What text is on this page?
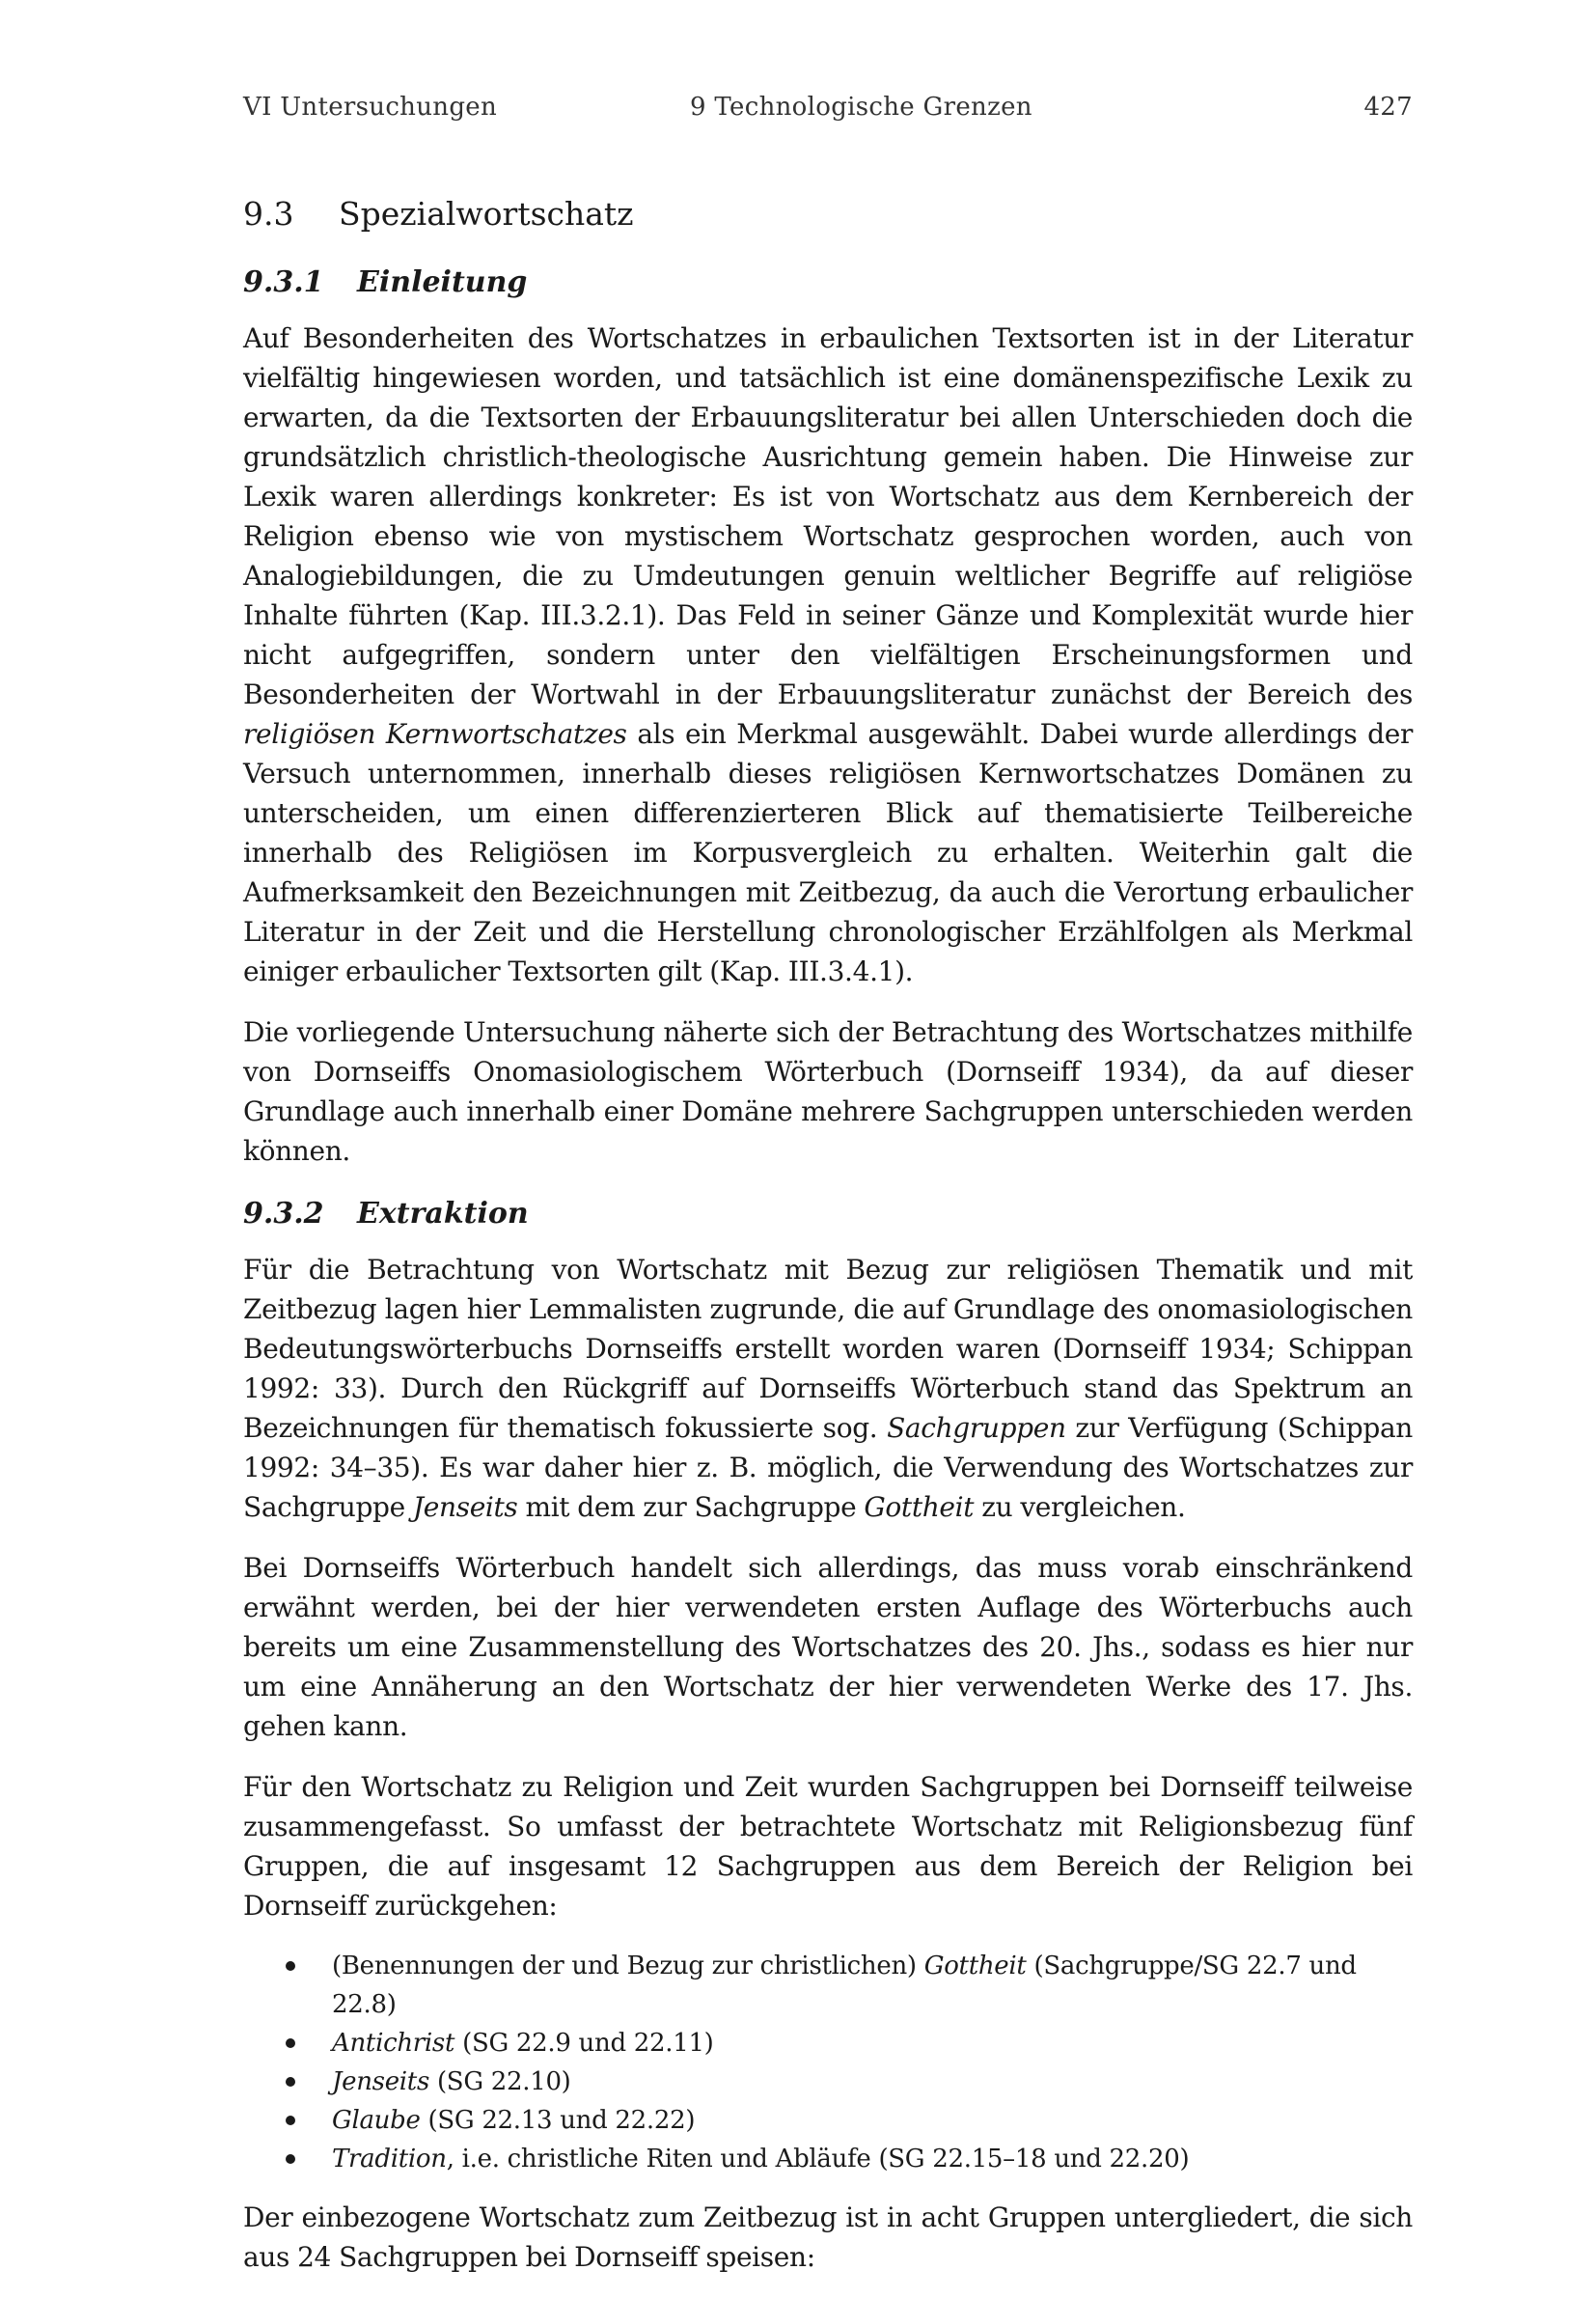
VI Untersuchungen	9 Technologische Grenzen	427
9.3	Spezialwortschatz
9.3.1	Einleitung

Auf Besonderheiten des Wortschatzes in erbaulichen Textsorten ist in der Literatur vielfältig hingewiesen worden, und tatsächlich ist eine domänenspezifische Lexik zu erwarten, da die Textsorten der Erbauungsliteratur bei allen Unterschieden doch die grundsätzlich christlich-theologische Ausrichtung gemein haben. Die Hinweise zur Lexik waren allerdings konkreter: Es ist von Wortschatz aus dem Kernbereich der Religion ebenso wie von mystischem Wortschatz gesprochen worden, auch von Analogiebildungen, die zu Umdeutungen genuin weltlicher Begriffe auf religiöse Inhalte führten (Kap. III.3.2.1). Das Feld in seiner Gänze und Komplexität wurde hier nicht aufgegriffen, sondern unter den vielfältigen Erscheinungsformen und Besonderheiten der Wortwahl in der Erbauungsliteratur zunächst der Bereich des religiösen Kernwortschatzes als ein Merkmal ausgewählt. Dabei wurde allerdings der Versuch unternommen, innerhalb dieses religiösen Kernwortschatzes Domänen zu unterscheiden, um einen differenzierteren Blick auf thematisierte Teilbereiche innerhalb des Religiösen im Korpusvergleich zu erhalten. Weiterhin galt die Aufmerksamkeit den Bezeichnungen mit Zeitbezug, da auch die Verortung erbaulicher Literatur in der Zeit und die Herstellung chronologischer Erzählfolgen als Merkmal einiger erbaulicher Textsorten gilt (Kap. III.3.4.1).

Die vorliegende Untersuchung näherte sich der Betrachtung des Wortschatzes mithilfe von Dornseiffs Onomasiologischem Wörterbuch (Dornseiff 1934), da auf dieser Grundlage auch innerhalb einer Domäne mehrere Sachgruppen unterschieden werden können.

9.3.2	Extraktion

Für die Betrachtung von Wortschatz mit Bezug zur religiösen Thematik und mit Zeitbezug lagen hier Lemmalisten zugrunde, die auf Grundlage des onomasiologischen Bedeutungswörterbuchs Dornseiffs erstellt worden waren (Dornseiff 1934; Schippan 1992: 33). Durch den Rückgriff auf Dornseiffs Wörterbuch stand das Spektrum an Bezeichnungen für thematisch fokussierte sog. Sachgruppen zur Verfügung (Schippan 1992: 34–35). Es war daher hier z. B. möglich, die Verwendung des Wortschatzes zur Sachgruppe Jenseits mit dem zur Sachgruppe Gottheit zu vergleichen.

Bei Dornseiffs Wörterbuch handelt sich allerdings, das muss vorab einschränkend erwähnt werden, bei der hier verwendeten ersten Auflage des Wörterbuchs auch bereits um eine Zusammenstellung des Wortschatzes des 20. Jhs., sodass es hier nur um eine Annäherung an den Wortschatz der hier verwendeten Werke des 17. Jhs. gehen kann.

Für den Wortschatz zu Religion und Zeit wurden Sachgruppen bei Dornseiff teilweise zusammengefasst. So umfasst der betrachtete Wortschatz mit Religionsbezug fünf Gruppen, die auf insgesamt 12 Sachgruppen aus dem Bereich der Religion bei Dornseiff zurückgehen:

(Benennungen der und Bezug zur christlichen) Gottheit (Sachgruppe/SG 22.7 und 22.8)
Antichrist (SG 22.9 und 22.11)
Jenseits (SG 22.10)
Glaube (SG 22.13 und 22.22)
Tradition, i.e. christliche Riten und Abläufe (SG 22.15–18 und 22.20)

Der einbezogene Wortschatz zum Zeitbezug ist in acht Gruppen untergliedert, die sich aus 24 Sachgruppen bei Dornseiff speisen:
